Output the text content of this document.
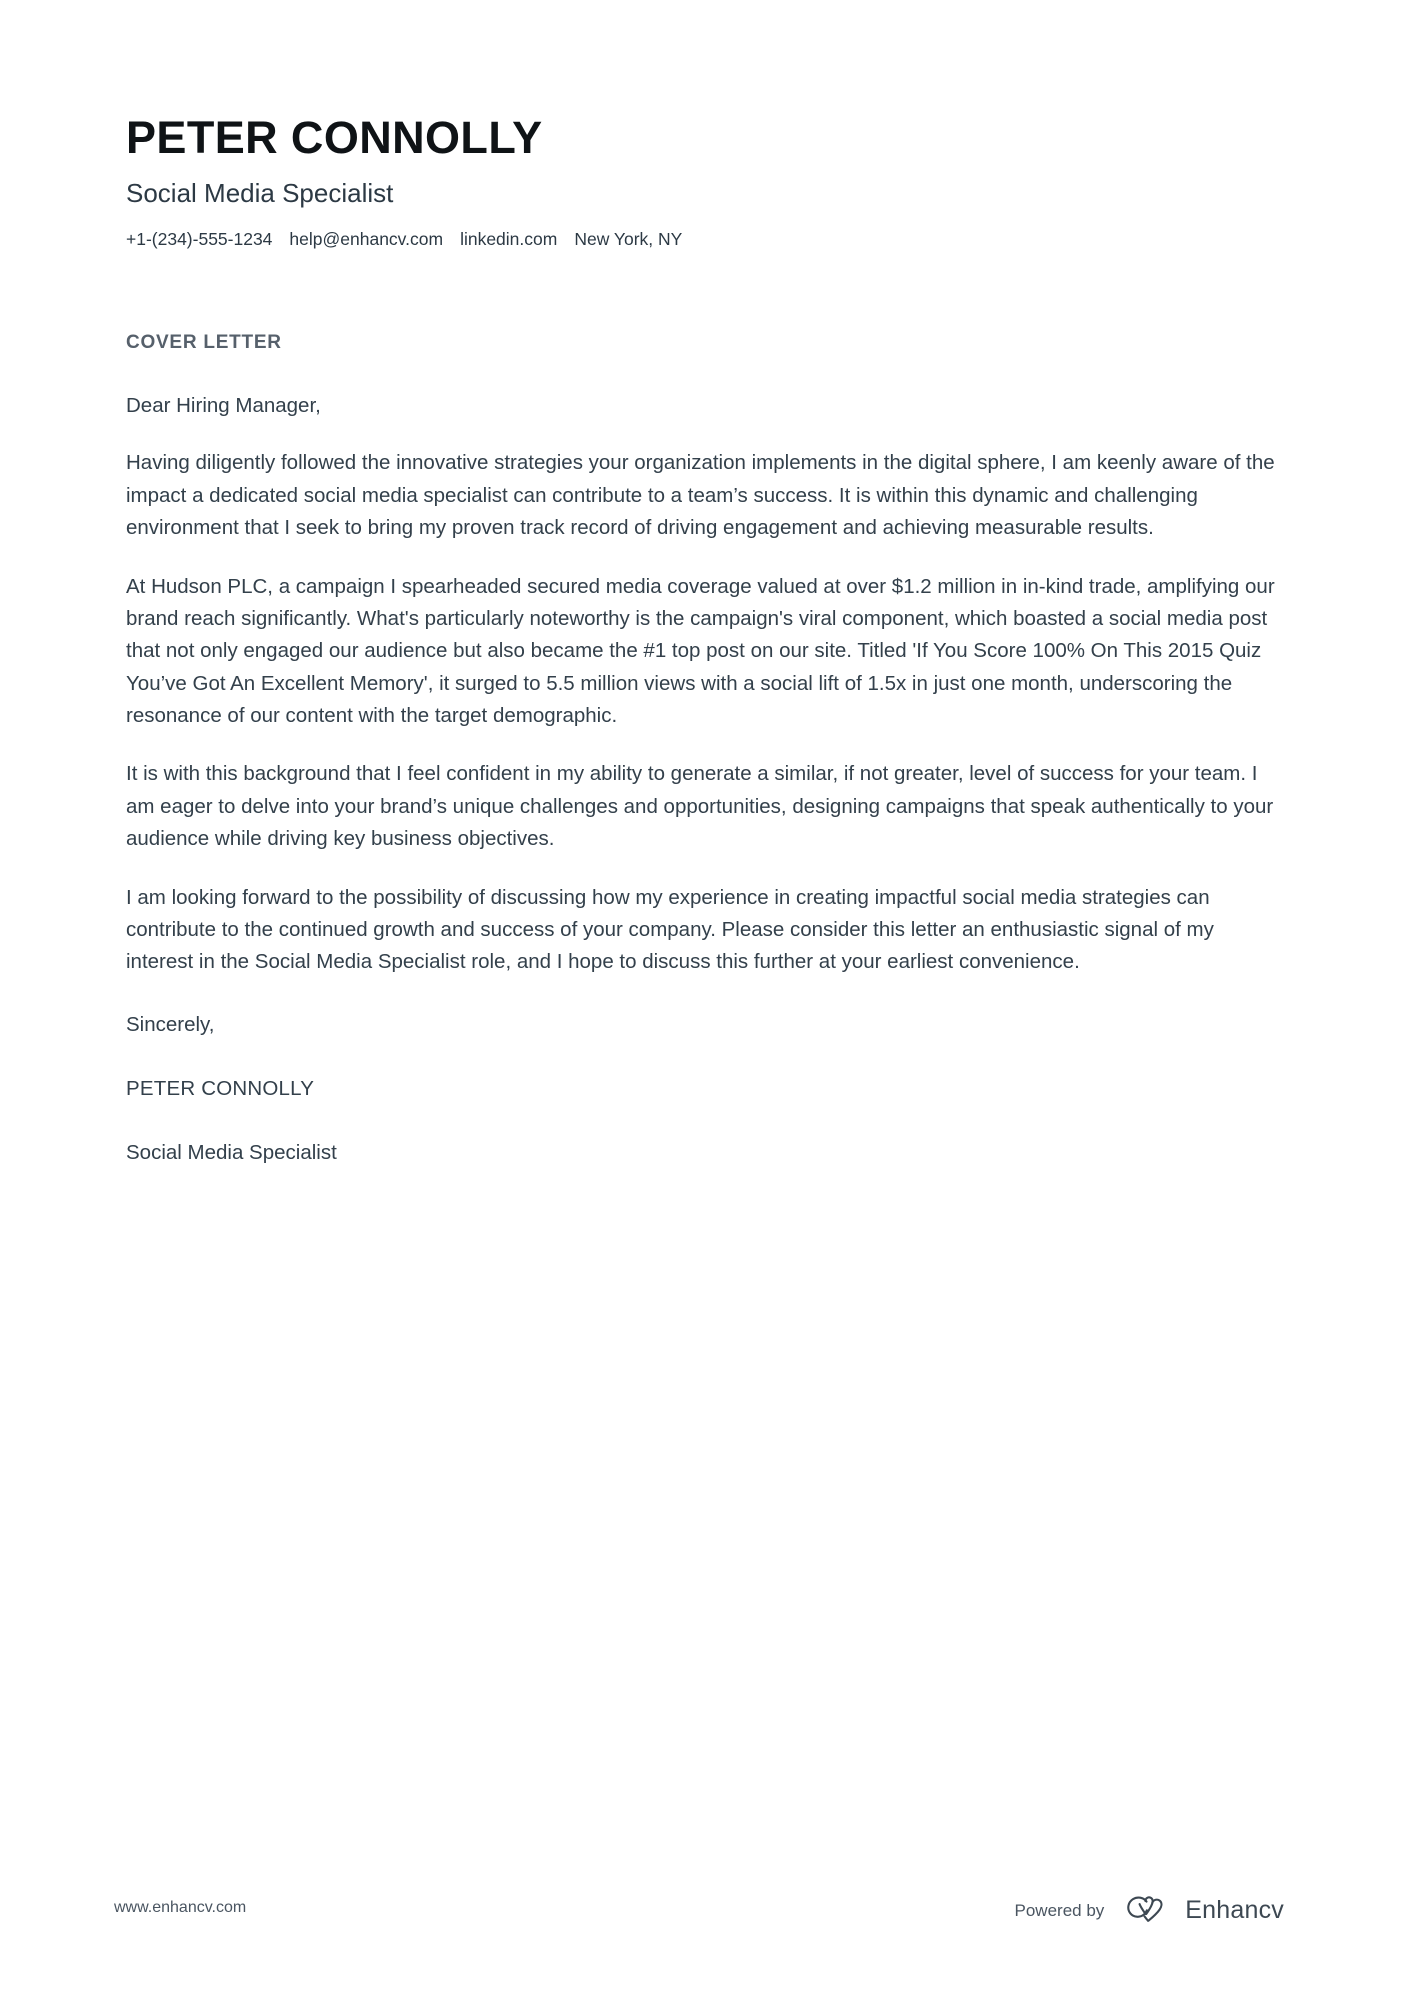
PETER CONNOLLY
Social Media Specialist
+1-(234)-555-1234 help@enhancv.com linkedin.com New York, NY
COVER LETTER
Dear Hiring Manager,

Having diligently followed the innovative strategies your organization implements in the digital sphere, I am keenly aware of the impact a dedicated social media specialist can contribute to a team’s success. It is within this dynamic and challenging environment that I seek to bring my proven track record of driving engagement and achieving measurable results.

At Hudson PLC, a campaign I spearheaded secured media coverage valued at over $1.2 million in in-kind trade, amplifying our brand reach significantly. What's particularly noteworthy is the campaign's viral component, which boasted a social media post that not only engaged our audience but also became the #1 top post on our site. Titled 'If You Score 100% On This 2015 Quiz You’ve Got An Excellent Memory', it surged to 5.5 million views with a social lift of 1.5x in just one month, underscoring the resonance of our content with the target demographic.

It is with this background that I feel confident in my ability to generate a similar, if not greater, level of success for your team. I am eager to delve into your brand’s unique challenges and opportunities, designing campaigns that speak authentically to your audience while driving key business objectives.

I am looking forward to the possibility of discussing how my experience in creating impactful social media strategies can contribute to the continued growth and success of your company. Please consider this letter an enthusiastic signal of my interest in the Social Media Specialist role, and I hope to discuss this further at your earliest convenience.

Sincerely,
PETER CONNOLLY
Social Media Specialist
www.enhancv.com	Powered by	Enhancv
